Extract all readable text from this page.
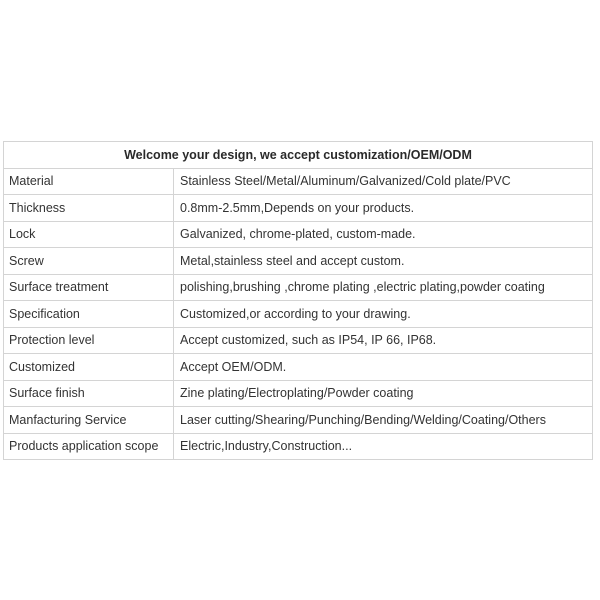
Welcome your design, we accept customization/OEM/ODM	
Material	Stainless Steel/Metal/Aluminum/Galvanized/Cold plate/PVC
Thickness	0.8mm-2.5mm,Depends on your products.
Lock	Galvanized, chrome-plated, custom-made.
Screw	Metal,stainless steel and accept custom.
Surface treatment	polishing,brushing ,chrome plating ,electric plating,powder coating
Specification	Customized,or according to your drawing.
Protection level	Accept customized, such as IP54, IP 66, IP68.
Customized	Accept OEM/ODM.
Surface finish	Zine plating/Electroplating/Powder coating
Manfacturing Service	Laser cutting/Shearing/Punching/Bending/Welding/Coating/Others
Products application scope	Electric,Industry,Construction...
